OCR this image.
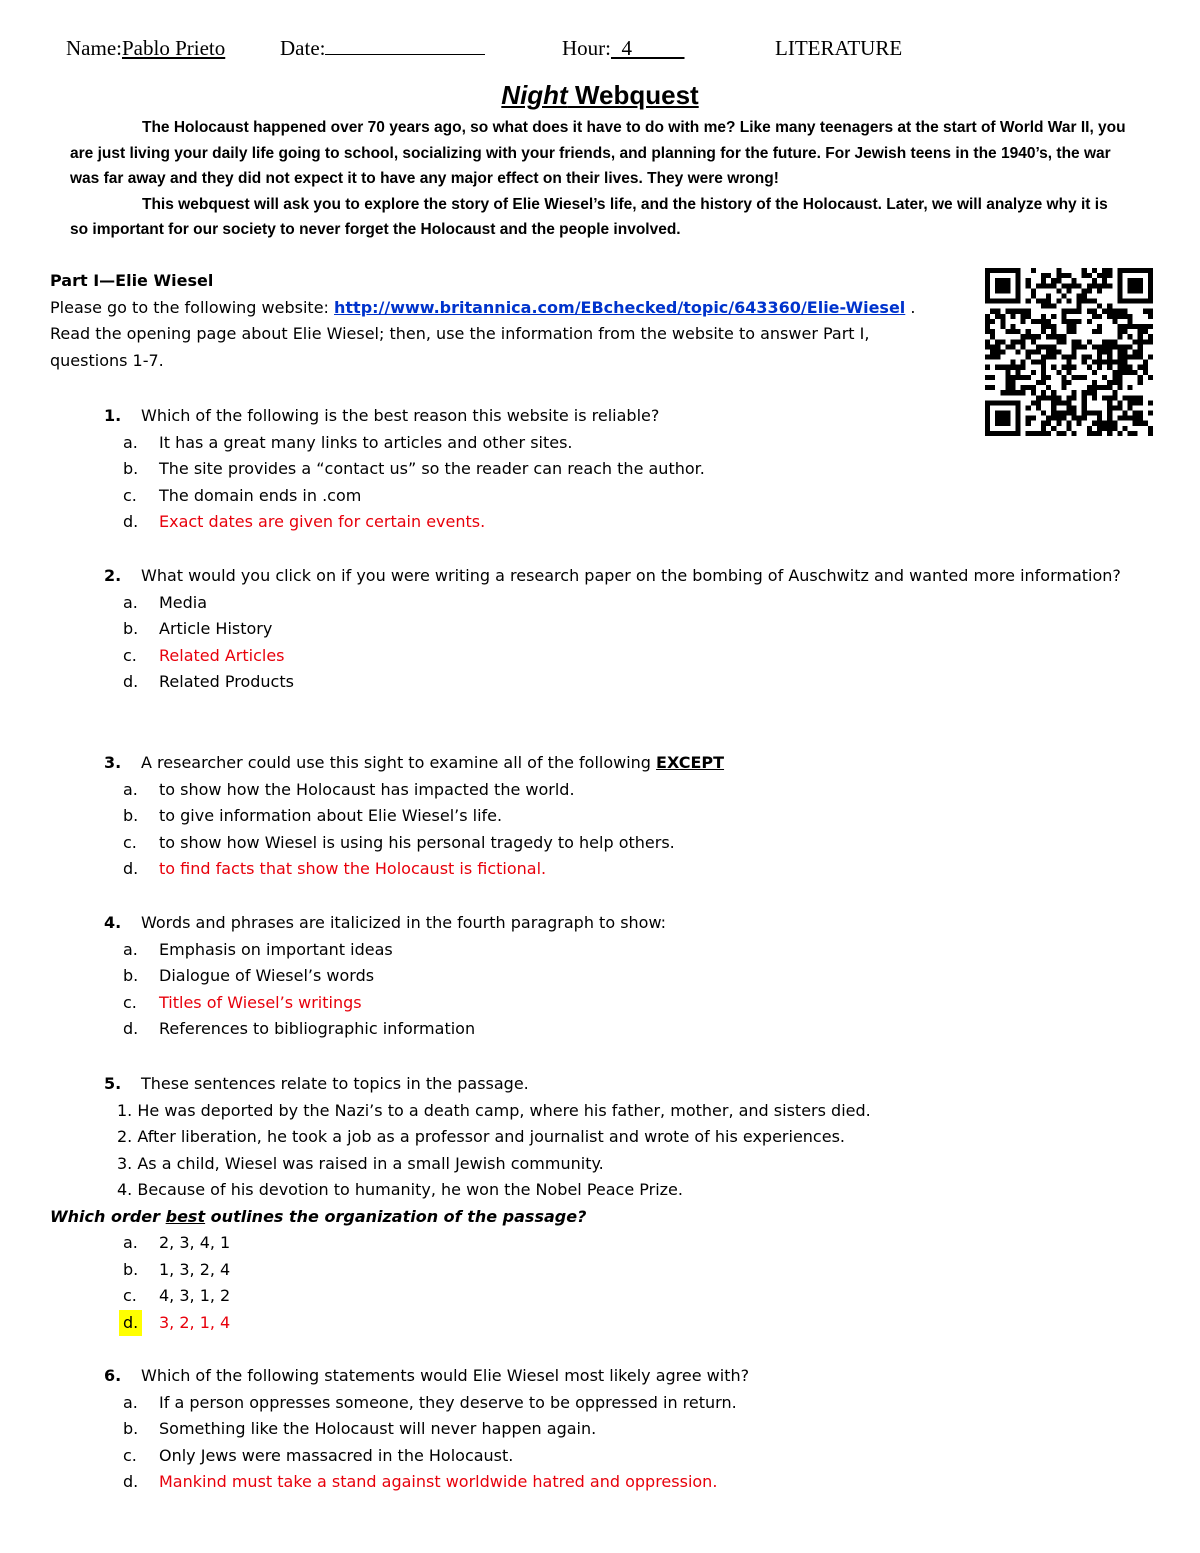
Name:Pablo Prieto	Date:	Hour: 4	LITERATURE
Night Webquest

The Holocaust happened over 70 years ago, so what does it have to do with me? Like many teenagers at the start of World War II, you are just living your daily life going to school, socializing with your friends, and planning for the future. For Jewish teens in the 1940’s, the war was far away and they did not expect it to have any major effect on their lives. They were wrong!

This webquest will ask you to explore the story of Elie Wiesel’s life, and the history of the Holocaust. Later, we will analyze why it is so important for our society to never forget the Holocaust and the people involved.

Part I—Elie Wiesel
Please go to the following website: http://www.britannica.com/EBchecked/topic/643360/Elie-Wiesel .
Read the opening page about Elie Wiesel; then, use the information from the website to answer Part I,
questions 1-7.
1. Which of the following is the best reason this website is reliable?
a. It has a great many links to articles and other sites.
b. The site provides a “contact us” so the reader can reach the author.
c. The domain ends in .com
d. Exact dates are given for certain events.
2. What would you click on if you were writing a research paper on the bombing of Auschwitz and wanted more information?
a. Media
b. Article History
c. Related Articles
d. Related Products
3. A researcher could use this sight to examine all of the following EXCEPT
a. to show how the Holocaust has impacted the world.
b. to give information about Elie Wiesel’s life.
c. to show how Wiesel is using his personal tragedy to help others.
d. to find facts that show the Holocaust is fictional.
4. Words and phrases are italicized in the fourth paragraph to show:
a. Emphasis on important ideas
b. Dialogue of Wiesel’s words
c. Titles of Wiesel’s writings
d. References to bibliographic information
5. These sentences relate to topics in the passage.
1. He was deported by the Nazi’s to a death camp, where his father, mother, and sisters died.
2. After liberation, he took a job as a professor and journalist and wrote of his experiences.
3. As a child, Wiesel was raised in a small Jewish community.
4. Because of his devotion to humanity, he won the Nobel Peace Prize.
Which order best outlines the organization of the passage?
a. 2, 3, 4, 1
b. 1, 3, 2, 4
c. 4, 3, 1, 2
d. 3, 2, 1, 4
6. Which of the following statements would Elie Wiesel most likely agree with?
a. If a person oppresses someone, they deserve to be oppressed in return.
b. Something like the Holocaust will never happen again.
c. Only Jews were massacred in the Holocaust.
d. Mankind must take a stand against worldwide hatred and oppression.
